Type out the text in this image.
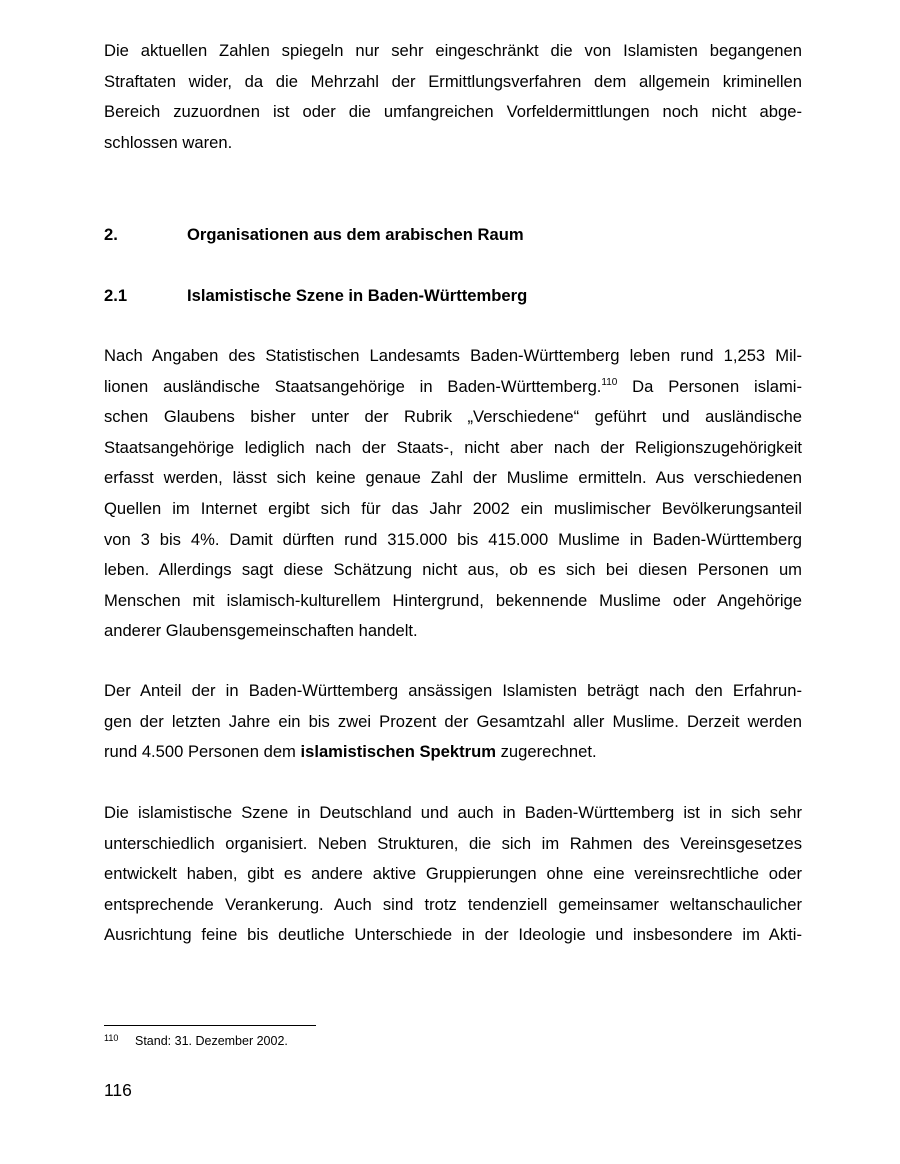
Die aktuellen Zahlen spiegeln nur sehr eingeschränkt die von Islamisten begangenen
Straftaten wider, da die Mehrzahl der Ermittlungsverfahren dem allgemein kriminellen
Bereich zuzuordnen ist oder die umfangreichen Vorfeldermittlungen noch nicht abge-
schlossen waren.
2.	Organisationen aus dem arabischen Raum
2.1	Islamistische Szene in Baden-Württemberg
Nach Angaben des Statistischen Landesamts Baden-Württemberg leben rund 1,253 Mil-
lionen ausländische Staatsangehörige in Baden-Württemberg.$^{110}$ Da Personen islami-
schen Glaubens bisher unter der Rubrik „Verschiedene“ geführt und ausländische
Staatsangehörige lediglich nach der Staats-, nicht aber nach der Religionszugehörigkeit
erfasst werden, lässt sich keine genaue Zahl der Muslime ermitteln. Aus verschiedenen
Quellen im Internet ergibt sich für das Jahr 2002 ein muslimischer Bevölkerungsanteil
von 3 bis 4%. Damit dürften rund 315.000 bis 415.000 Muslime in Baden-Württemberg
leben. Allerdings sagt diese Schätzung nicht aus, ob es sich bei diesen Personen um
Menschen mit islamisch-kulturellem Hintergrund, bekennende Muslime oder Angehörige
anderer Glaubensgemeinschaften handelt.
Der Anteil der in Baden-Württemberg ansässigen Islamisten beträgt nach den Erfahrun-
gen der letzten Jahre ein bis zwei Prozent der Gesamtzahl aller Muslime. Derzeit werden
rund 4.500 Personen dem islamistischen Spektrum zugerechnet.
Die islamistische Szene in Deutschland und auch in Baden-Württemberg ist in sich sehr
unterschiedlich organisiert. Neben Strukturen, die sich im Rahmen des Vereinsgesetzes
entwickelt haben, gibt es andere aktive Gruppierungen ohne eine vereinsrechtliche oder
entsprechende Verankerung. Auch sind trotz tendenziell gemeinsamer weltanschaulicher
Ausrichtung feine bis deutliche Unterschiede in der Ideologie und insbesondere im Akti-
110 Stand: 31. Dezember 2002.
116
